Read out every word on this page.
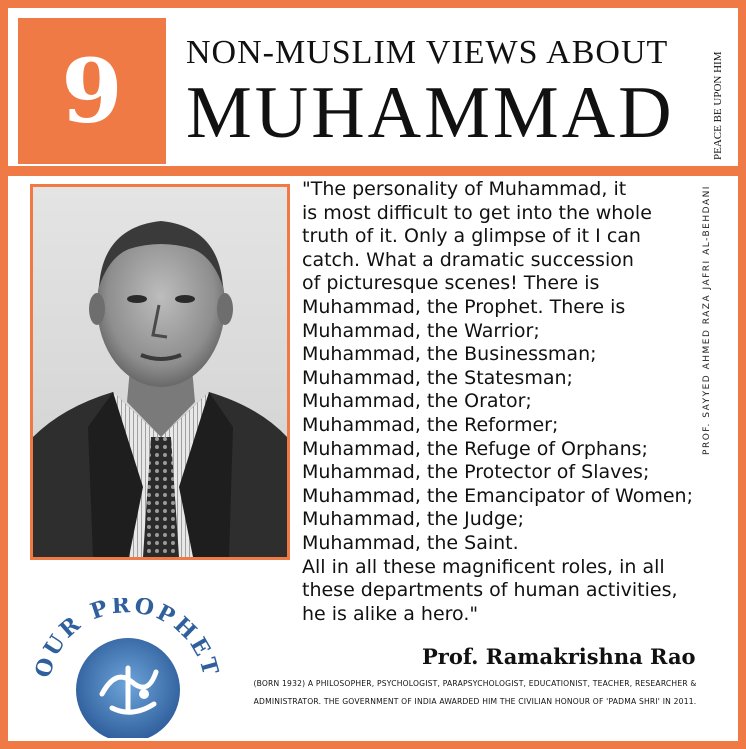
9 NON-MUSLIM VIEWS ABOUT
MUHAMMAD	PEACE BE UPON HIM
"The personality of Muhammad, it
is most difficult to get into the whole
truth of it. Only a glimpse of it I can
catch. What a dramatic succession
of picturesque scenes! There is
Muhammad, the Prophet. There is
Muhammad, the Warrior;
Muhammad, the Businessman;
Muhammad, the Statesman;
Muhammad, the Orator;
Muhammad, the Reformer;
Muhammad, the Refuge of Orphans;
Muhammad, the Protector of Slaves;
Muhammad, the Emancipator of Women;
Muhammad, the Judge;
Muhammad, the Saint.
All in all these magnificent roles, in all
these departments of human activities,
he is alike a hero."
PROF. SAYYED AHMED RAZA JAFRI AL-BEHDANI
Prof. Ramakrishna Rao
(BORN 1932) A PHILOSOPHER, PSYCHOLOGIST, PARAPSYCHOLOGIST, EDUCATIONIST, TEACHER, RESEARCHER & ADMINISTRATOR. THE GOVERNMENT OF INDIA AWARDED HIM THE CIVILIAN HONOUR OF 'PADMA SHRI' IN 2011.
OUR PROPHET
